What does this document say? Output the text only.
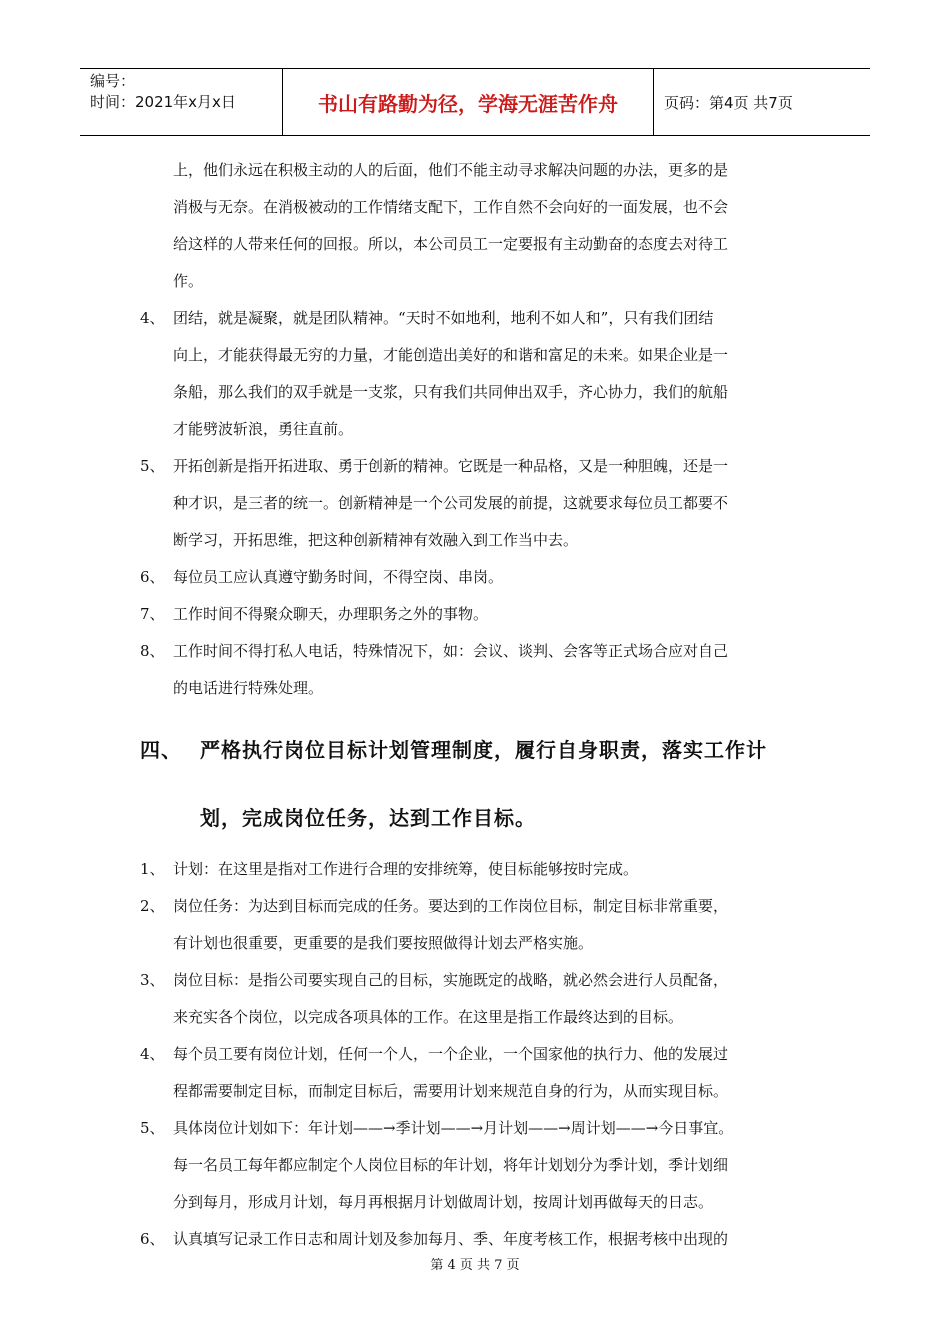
编号：
时间：2021年x月x日	书山有路勤为径，学海无涯苦作舟	页码：第4页 共7页
上，他们永远在积极主动的人的后面，他们不能主动寻求解决问题的办法，更多的是
消极与无奈。在消极被动的工作情绪支配下，工作自然不会向好的一面发展，也不会
给这样的人带来任何的回报。所以，本公司员工一定要报有主动勤奋的态度去对待工
作。
4、 团结，就是凝聚，就是团队精神。“天时不如地利，地利不如人和”，只有我们团结
向上，才能获得最无穷的力量，才能创造出美好的和谐和富足的未来。如果企业是一
条船，那么我们的双手就是一支浆，只有我们共同伸出双手，齐心协力，我们的航船
才能劈波斩浪，勇往直前。
5、 开拓创新是指开拓进取、勇于创新的精神。它既是一种品格，又是一种胆魄，还是一
种才识，是三者的统一。创新精神是一个公司发展的前提，这就要求每位员工都要不
断学习，开拓思维，把这种创新精神有效融入到工作当中去。
6、 每位员工应认真遵守勤务时间，不得空岗、串岗。
7、 工作时间不得聚众聊天，办理职务之外的事物。
8、 工作时间不得打私人电话，特殊情况下，如：会议、谈判、会客等正式场合应对自己
的电话进行特殊处理。
四、 严格执行岗位目标计划管理制度，履行自身职责，落实工作计
划，完成岗位任务，达到工作目标。
1、 计划：在这里是指对工作进行合理的安排统筹，使目标能够按时完成。
2、 岗位任务：为达到目标而完成的任务。要达到的工作岗位目标，制定目标非常重要，
有计划也很重要，更重要的是我们要按照做得计划去严格实施。
3、 岗位目标：是指公司要实现自己的目标，实施既定的战略，就必然会进行人员配备，
来充实各个岗位，以完成各项具体的工作。在这里是指工作最终达到的目标。
4、 每个员工要有岗位计划，任何一个人，一个企业，一个国家他的执行力、他的发展过
程都需要制定目标，而制定目标后，需要用计划来规范自身的行为，从而实现目标。
5、 具体岗位计划如下：年计划——→季计划——→月计划——→周计划——→今日事宜。
每一名员工每年都应制定个人岗位目标的年计划，将年计划划分为季计划，季计划细
分到每月，形成月计划，每月再根据月计划做周计划，按周计划再做每天的日志。
6、 认真填写记录工作日志和周计划及参加每月、季、年度考核工作，根据考核中出现的
第 4 页 共 7 页
